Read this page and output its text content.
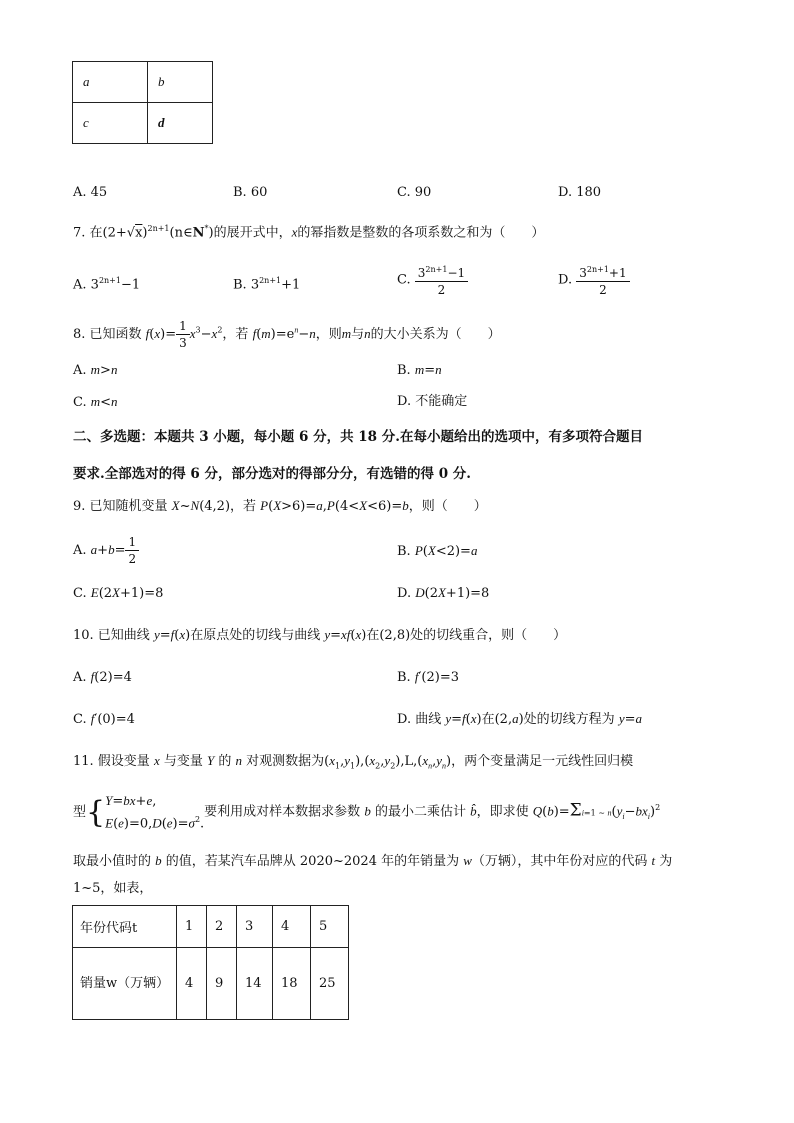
a	b
c	d
A. 45	B. 60	C. 90	D. 180
7. 在$(2+√x)^{2n+1}(n\in N^*)$的展开式中，x的幂指数是整数的各项系数之和为（　　）
A. $3^{2n+1}-1$	B. $3^{2n+1}+1$	C. $\frac{3^{2n+1}-1}{2}$	D. $\frac{3^{2n+1}+1}{2}$
8. 已知函数 $f(x)= \frac{1}{3} x^3-x^2$，若 $f(m)=e^n-n$，则m与n的大小关系为（　　）
A. m>n	B. m=n
C. m<n	D. 不能确定
二、多选题：本题共 3 小题，每小题 6 分，共 18 分.在每小题给出的选项中，有多项符合题目
要求.全部选对的得 6 分，部分选对的得部分分，有选错的得 0 分.
9. 已知随机变量 X~N(4,2)，若 P(X>6)=a,P(4<X<6)=b，则（　　）
A. $a+b= \frac{1}{2}$	B. P(X<2)=a
C. E(2X+1)=8	D. D(2X+1)=8
10. 已知曲线 y=f(x)在原点处的切线与曲线 y=xf(x)在(2,8)处的切线重合，则（　　）
A. f(2)=4	B. f′(2)=3
C. f′(0)=4	D. 曲线 y=f(x)在(2,a)处的切线方程为 y=a
11. 假设变量 x 与变量 Y 的 n 对观测数据为$(x_1,y_1),(x_2,y_2),L,(x_n,y_n)$，两个变量满足一元线性回归模
型{Y=bx+e,
$E(e)=0,D(e)=\sigma^2$.要利用成对样本数据求参数 b 的最小二乘估计 b̂，即求使 Q(b)=Σi=1 ~ $n(y_i-bx_i)^2$
取最小值时的 b 的值，若某汽车品牌从 2020~2024 年的年销量为 w（万辆），其中年份对应的代码 t 为
1~5，如表，
年份代码t	1	2	3	4	5
销量w（万辆）	4	9	14	18	25
